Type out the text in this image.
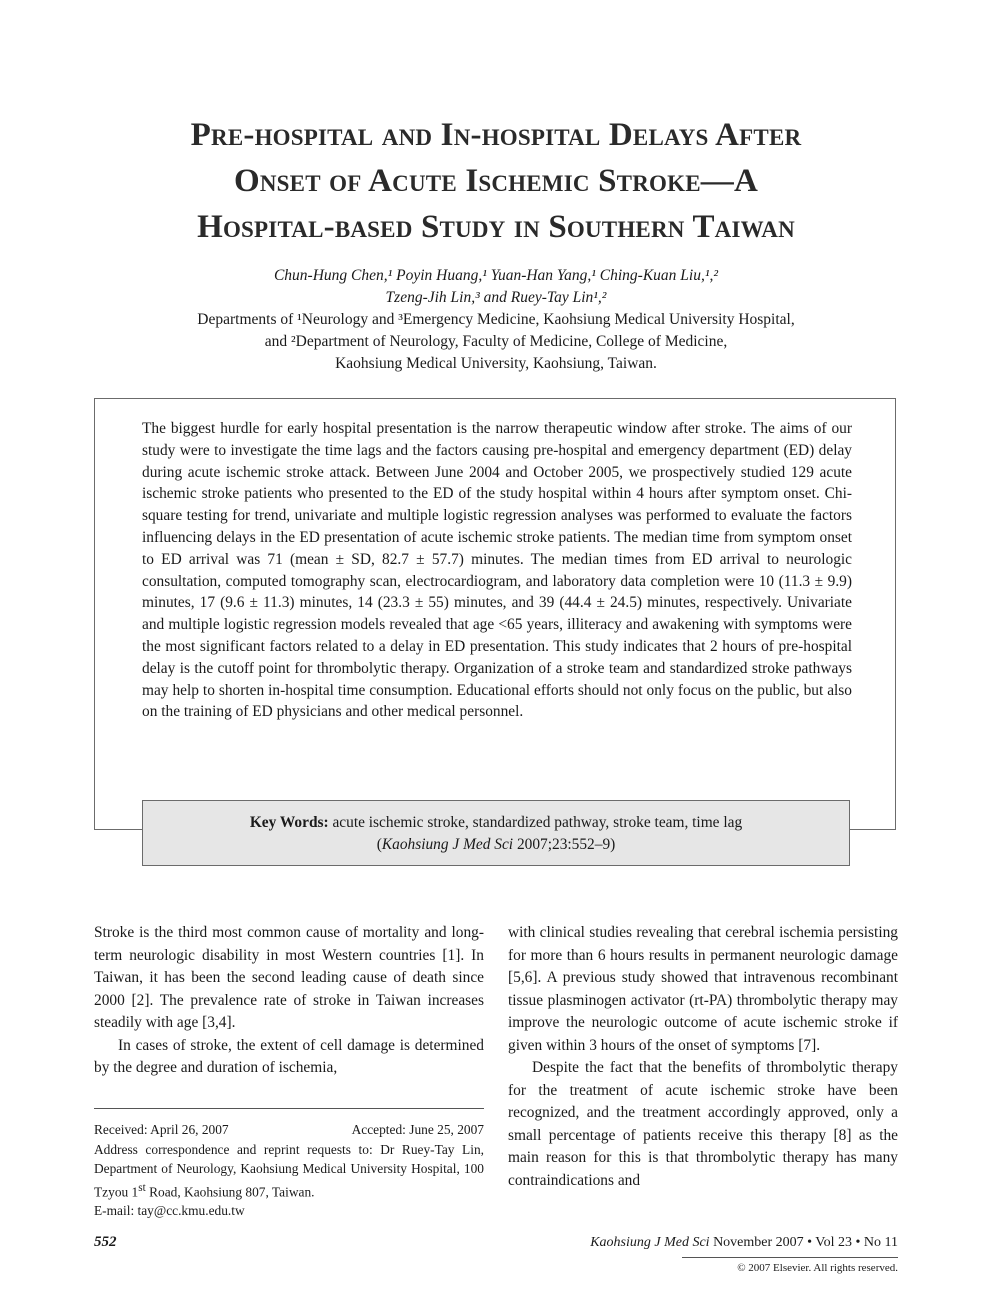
Pre-hospital and In-hospital Delays After
Onset of Acute Ischemic Stroke—A
Hospital-based Study in Southern Taiwan
Chun-Hung Chen,¹ Poyin Huang,¹ Yuan-Han Yang,¹ Ching-Kuan Liu,¹,²
Tzeng-Jih Lin,³ and Ruey-Tay Lin¹,²
Departments of ¹Neurology and ³Emergency Medicine, Kaohsiung Medical University Hospital,
and ²Department of Neurology, Faculty of Medicine, College of Medicine,
Kaohsiung Medical University, Kaohsiung, Taiwan.
The biggest hurdle for early hospital presentation is the narrow therapeutic window after stroke. The aims of our study were to investigate the time lags and the factors causing pre-hospital and emergency department (ED) delay during acute ischemic stroke attack. Between June 2004 and October 2005, we prospectively studied 129 acute ischemic stroke patients who presented to the ED of the study hospital within 4 hours after symptom onset. Chi-square testing for trend, univariate and multiple logistic regression analyses was performed to evaluate the factors influencing delays in the ED presentation of acute ischemic stroke patients. The median time from symptom onset to ED arrival was 71 (mean ± SD, 82.7 ± 57.7) minutes. The median times from ED arrival to neurologic consultation, computed tomography scan, electrocardiogram, and laboratory data completion were 10 (11.3 ± 9.9) minutes, 17 (9.6 ± 11.3) minutes, 14 (23.3 ± 55) minutes, and 39 (44.4 ± 24.5) minutes, respectively. Univariate and multiple logistic regression models revealed that age <65 years, illiteracy and awakening with symptoms were the most significant factors related to a delay in ED presentation. This study indicates that 2 hours of pre-hospital delay is the cutoff point for thrombolytic therapy. Organization of a stroke team and standardized stroke pathways may help to shorten in-hospital time consumption. Educational efforts should not only focus on the public, but also on the training of ED physicians and other medical personnel.
Key Words: acute ischemic stroke, standardized pathway, stroke team, time lag
(Kaohsiung J Med Sci 2007;23:552–9)

Stroke is the third most common cause of mortality and long-term neurologic disability in most Western countries [1]. In Taiwan, it has been the second leading cause of death since 2000 [2]. The prevalence rate of stroke in Taiwan increases steadily with age [3,4].

In cases of stroke, the extent of cell damage is determined by the degree and duration of ischemia,

with clinical studies revealing that cerebral ischemia persisting for more than 6 hours results in permanent neurologic damage [5,6]. A previous study showed that intravenous recombinant tissue plasminogen activator (rt-PA) thrombolytic therapy may improve the neurologic outcome of acute ischemic stroke if given within 3 hours of the onset of symptoms [7].

Despite the fact that the benefits of thrombolytic therapy for the treatment of acute ischemic stroke have been recognized, and the treatment accordingly approved, only a small percentage of patients receive this therapy [8] as the main reason for this is that thrombolytic therapy has many contraindications and

Received: April 26, 2007	Accepted: June 25, 2007
Address correspondence and reprint requests to: Dr Ruey-Tay Lin, Department of Neurology, Kaohsiung Medical University Hospital, 100 Tzyou 1st Road, Kaohsiung 807, Taiwan.
E-mail: tay@cc.kmu.edu.tw
552	Kaohsiung J Med Sci November 2007 • Vol 23 • No 11
© 2007 Elsevier. All rights reserved.
